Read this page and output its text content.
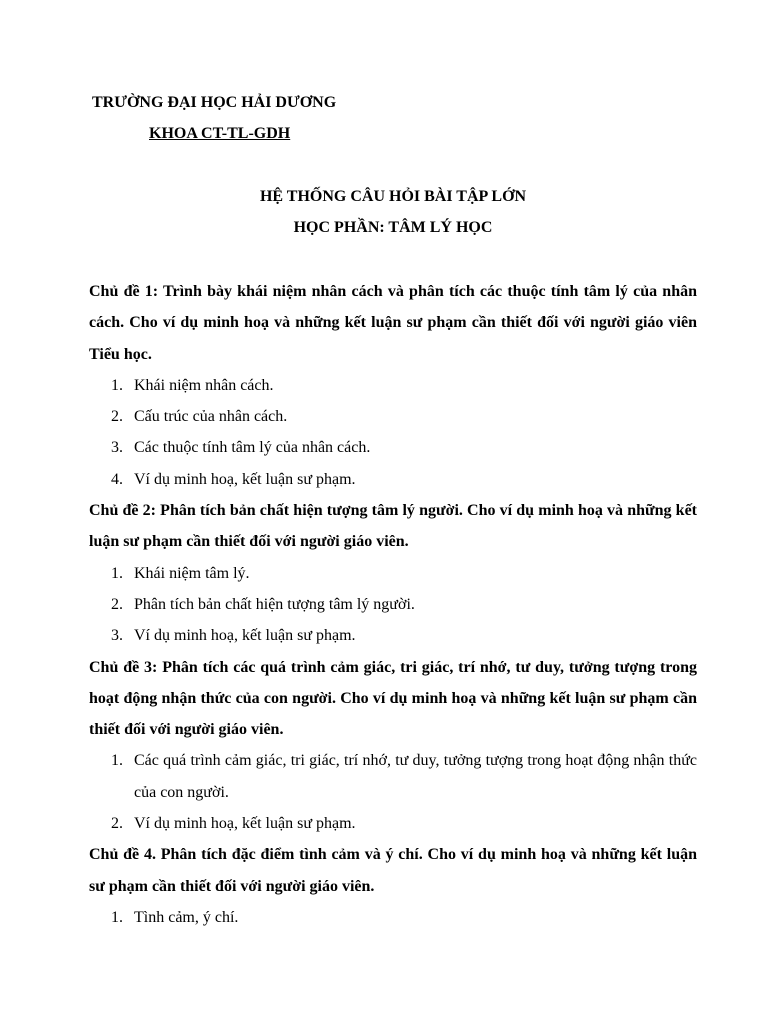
TRƯỜNG ĐẠI HỌC HẢI DƯƠNG
KHOA CT-TL-GDH
HỆ THỐNG CÂU HỎI BÀI TẬP LỚN
HỌC PHẦN: TÂM LÝ HỌC
Chủ đề 1: Trình bày khái niệm nhân cách và phân tích các thuộc tính tâm lý của nhân cách. Cho ví dụ minh hoạ và những kết luận sư phạm cần thiết đối với người giáo viên Tiểu học.
1. Khái niệm nhân cách.
2. Cấu trúc của nhân cách.
3. Các thuộc tính tâm lý của nhân cách.
4. Ví dụ minh hoạ, kết luận sư phạm.
Chủ đề 2: Phân tích bản chất hiện tượng tâm lý người. Cho ví dụ minh hoạ và những kết luận sư phạm cần thiết đối với người giáo viên.
1. Khái niệm tâm lý.
2. Phân tích bản chất hiện tượng tâm lý người.
3. Ví dụ minh hoạ, kết luận sư phạm.
Chủ đề 3: Phân tích các quá trình cảm giác, tri giác, trí nhớ, tư duy, tưởng tượng trong hoạt động nhận thức của con người. Cho ví dụ minh hoạ và những kết luận sư phạm cần thiết đối với người giáo viên.
1. Các quá trình cảm giác, tri giác, trí nhớ, tư duy, tưởng tượng trong hoạt động nhận thức của con người.
2. Ví dụ minh hoạ, kết luận sư phạm.
Chủ đề 4. Phân tích đặc điểm tình cảm và ý chí. Cho ví dụ minh hoạ và những kết luận sư phạm cần thiết đối với người giáo viên.
1. Tình cảm, ý chí.
